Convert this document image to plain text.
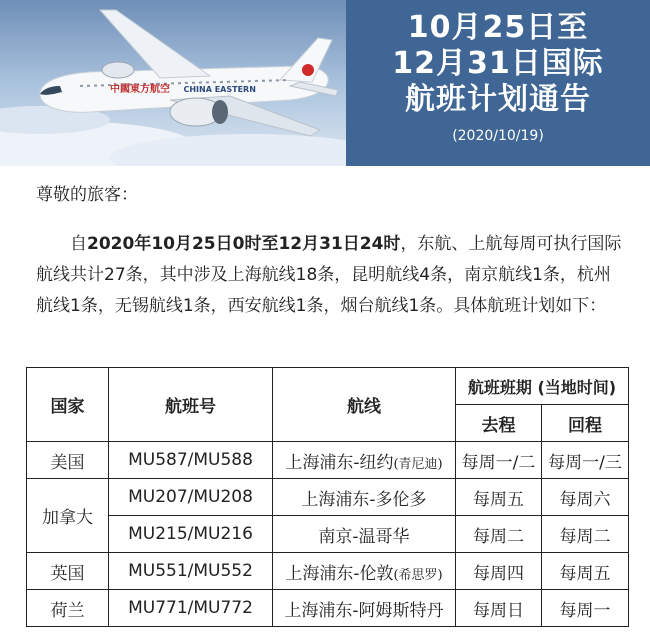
中國東方航空 CHINA EASTERN
10月25日至
12月31日国际
航班计划通告
(2020/10/19)
尊敬的旅客：

自2020年10月25日0时至12月31日24时，东航、上航每周可执行国际航线共计27条，其中涉及上海航线18条，昆明航线4条，南京航线1条，杭州航线1条，无锡航线1条，西安航线1条，烟台航线1条。具体航班计划如下：

国家	航班号	航线	航班班期 (当地时间)	
			去程	回程
美国	MU587/MU588	上海浦东-纽约(青尼迪)	每周一/二	每周一/三
加拿大	MU207/MU208	上海浦东-多伦多	每周五	每周六
	MU215/MU216	南京-温哥华	每周二	每周二
英国	MU551/MU552	上海浦东-伦敦(希思罗)	每周四	每周五
荷兰	MU771/MU772	上海浦东-阿姆斯特丹	每周日	每周一
